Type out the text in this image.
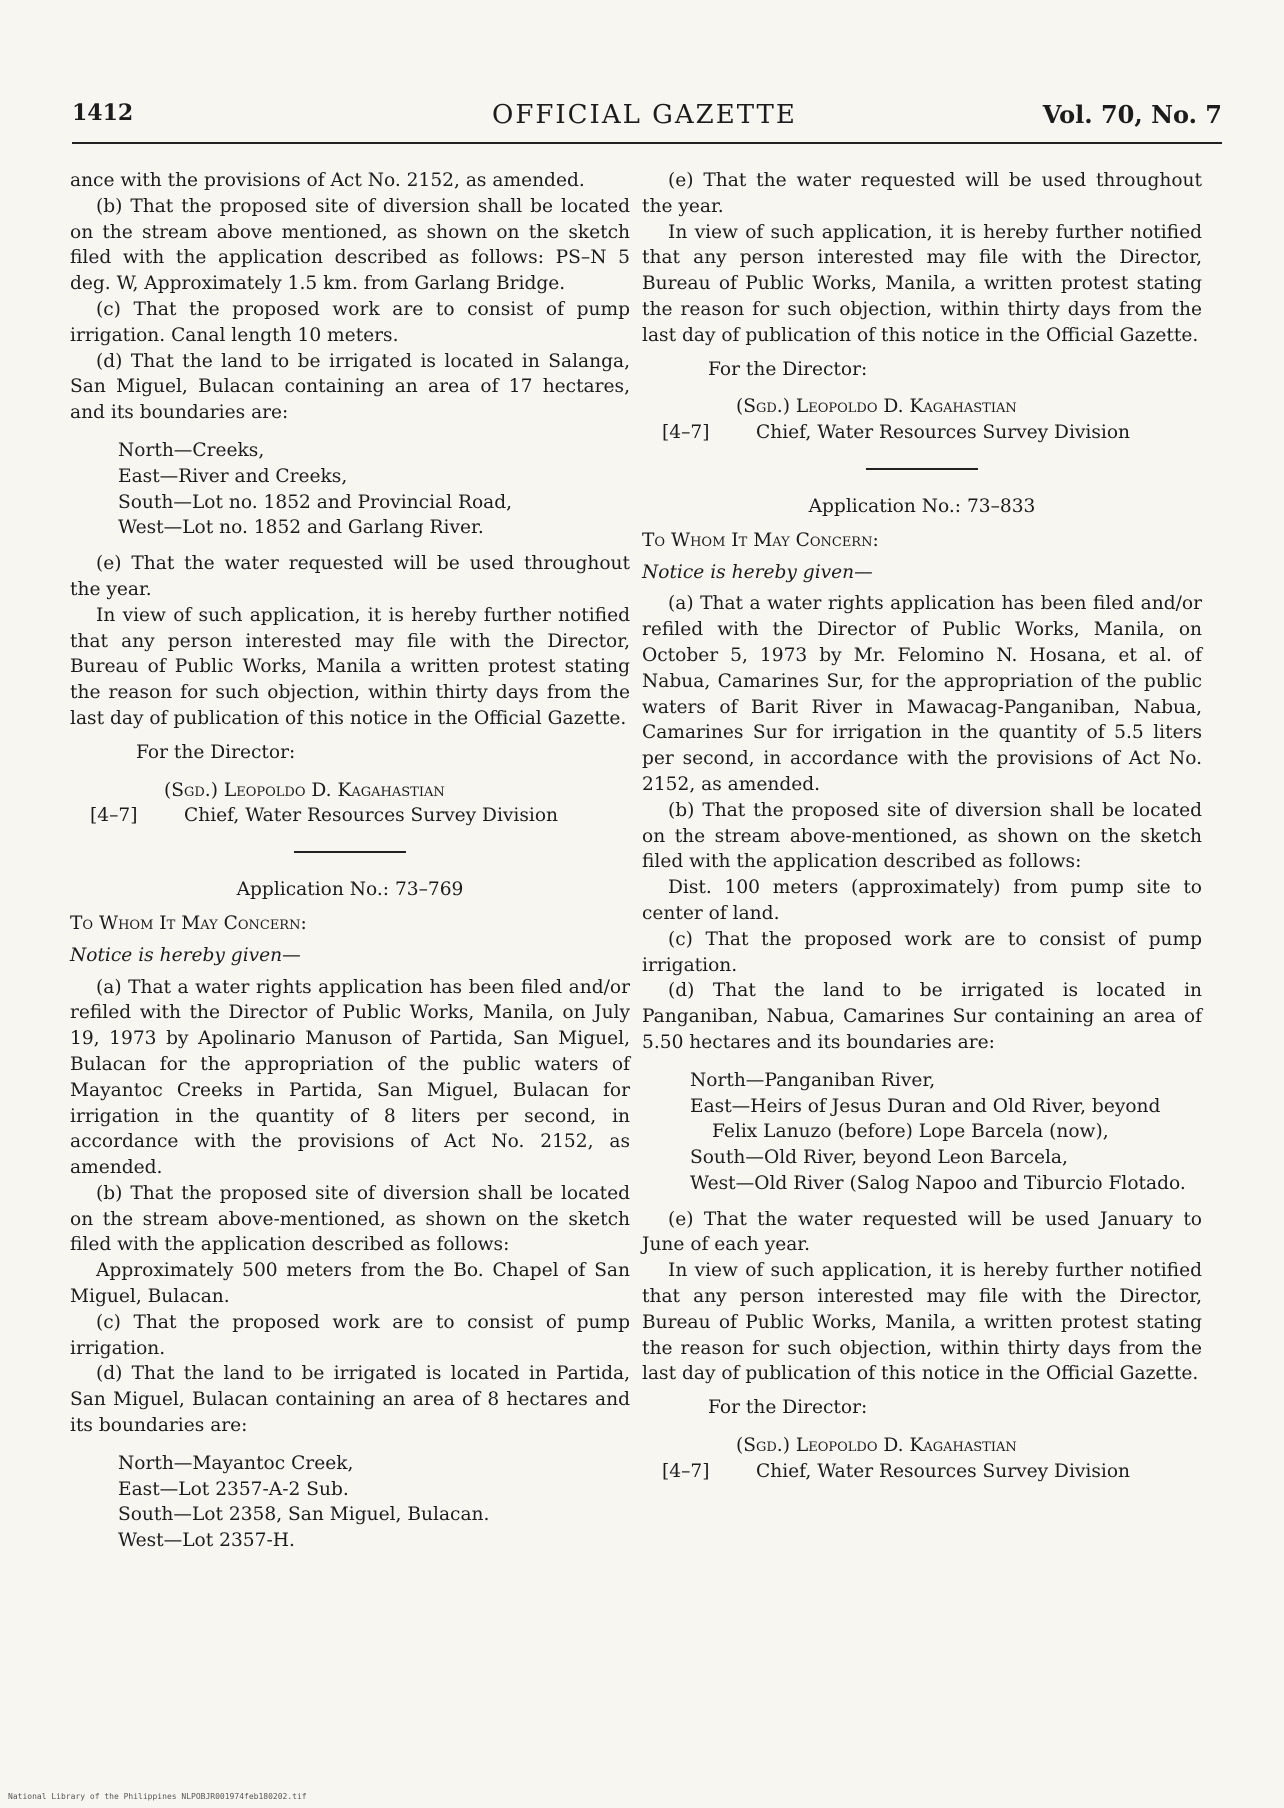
1412	OFFICIAL GAZETTE	Vol. 70, No. 7

ance with the provisions of Act No. 2152, as amended.

(b) That the proposed site of diversion shall be located on the stream above mentioned, as shown on the sketch filed with the application described as follows: PS–N 5 deg. W, Approximately 1.5 km. from Garlang Bridge.

(c) That the proposed work are to consist of pump irrigation. Canal length 10 meters.

(d) That the land to be irrigated is located in Salanga, San Miguel, Bulacan containing an area of 17 hectares, and its boundaries are:

North—Creeks,
East—River and Creeks,
South—Lot no. 1852 and Provincial Road,
West—Lot no. 1852 and Garlang River.

(e) That the water requested will be used throughout the year.

In view of such application, it is hereby further notified that any person interested may file with the Director, Bureau of Public Works, Manila a written protest stating the reason for such objection, within thirty days from the last day of publication of this notice in the Official Gazette.

For the Director:

(Sgd.) Leopoldo D. Kagahastian

[4–7]	Chief, Water Resources Survey Division

Application No.: 73–769

To Whom It May Concern:

Notice is hereby given—

(a) That a water rights application has been filed and/or refiled with the Director of Public Works, Manila, on July 19, 1973 by Apolinario Manuson of Partida, San Miguel, Bulacan for the appropriation of the public waters of Mayantoc Creeks in Partida, San Miguel, Bulacan for irrigation in the quantity of 8 liters per second, in accordance with the provisions of Act No. 2152, as amended.

(b) That the proposed site of diversion shall be located on the stream above-mentioned, as shown on the sketch filed with the application described as follows:

Approximately 500 meters from the Bo. Chapel of San Miguel, Bulacan.

(c) That the proposed work are to consist of pump irrigation.

(d) That the land to be irrigated is located in Partida, San Miguel, Bulacan containing an area of 8 hectares and its boundaries are:

North—Mayantoc Creek,
East—Lot 2357-A-2 Sub.
South—Lot 2358, San Miguel, Bulacan.
West—Lot 2357-H.

(e) That the water requested will be used throughout the year.

In view of such application, it is hereby further notified that any person interested may file with the Director, Bureau of Public Works, Manila, a written protest stating the reason for such objection, within thirty days from the last day of publication of this notice in the Official Gazette.

For the Director:

(Sgd.) Leopoldo D. Kagahastian

[4–7]	Chief, Water Resources Survey Division

Application No.: 73–833

To Whom It May Concern:

Notice is hereby given—

(a) That a water rights application has been filed and/or refiled with the Director of Public Works, Manila, on October 5, 1973 by Mr. Felomino N. Hosana, et al. of Nabua, Camarines Sur, for the appropriation of the public waters of Barit River in Mawacag-Panganiban, Nabua, Camarines Sur for irrigation in the quantity of 5.5 liters per second, in accordance with the provisions of Act No. 2152, as amended.

(b) That the proposed site of diversion shall be located on the stream above-mentioned, as shown on the sketch filed with the application described as follows:

Dist. 100 meters (approximately) from pump site to center of land.

(c) That the proposed work are to consist of pump irrigation.

(d) That the land to be irrigated is located in Panganiban, Nabua, Camarines Sur containing an area of 5.50 hectares and its boundaries are:

North—Panganiban River,
East—Heirs of Jesus Duran and Old River, beyond Felix Lanuzo (before) Lope Barcela (now),
South—Old River, beyond Leon Barcela,
West—Old River (Salog Napoo and Tiburcio Flotado.

(e) That the water requested will be used January to June of each year.

In view of such application, it is hereby further notified that any person interested may file with the Director, Bureau of Public Works, Manila, a written protest stating the reason for such objection, within thirty days from the last day of publication of this notice in the Official Gazette.

For the Director:

(Sgd.) Leopoldo D. Kagahastian

[4–7]	Chief, Water Resources Survey Division
National Library of the Philippines NLPOBJR001974feb180202.tif
